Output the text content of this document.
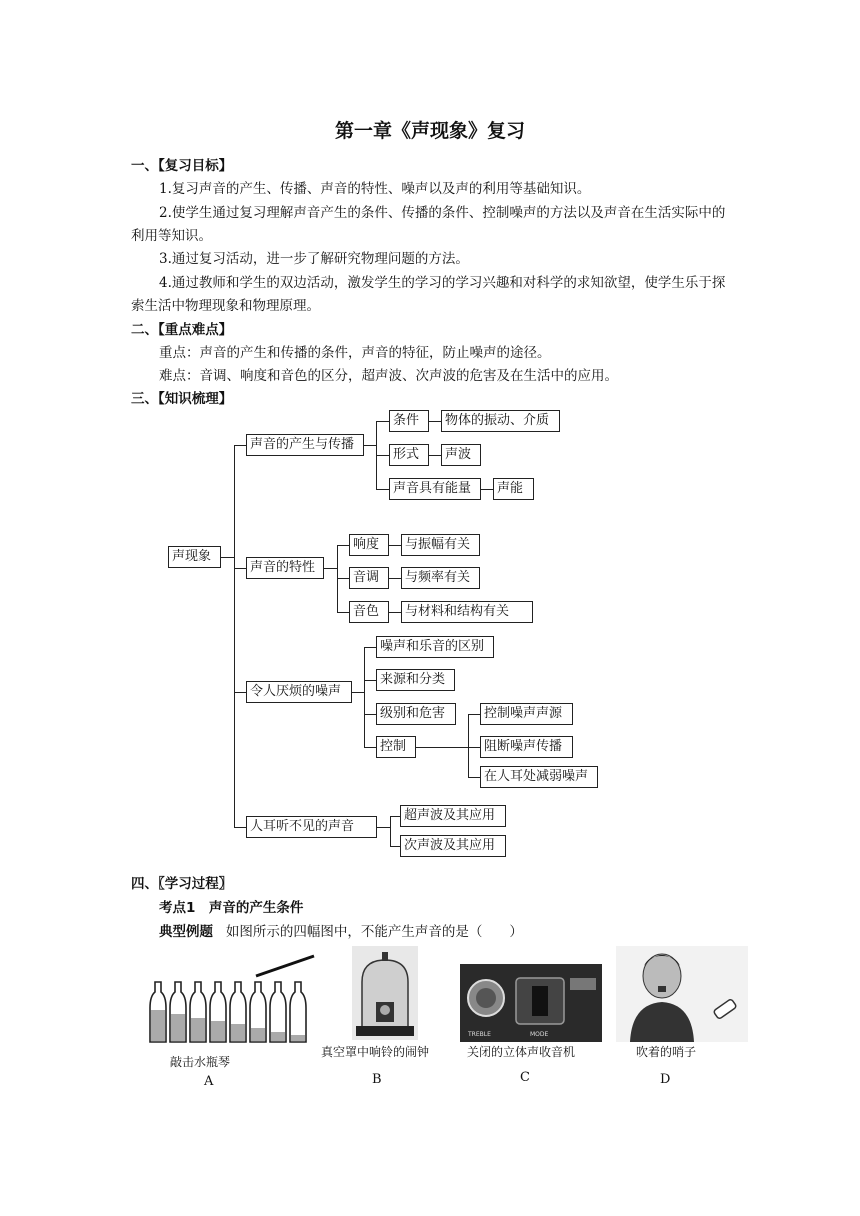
第一章《声现象》复习
一、【复习目标】
1.复习声音的产生、传播、声音的特性、噪声以及声的利用等基础知识。
2.使学生通过复习理解声音产生的条件、传播的条件、控制噪声的方法以及声音在生活实际中的利用等知识。
3.通过复习活动，进一步了解研究物理问题的方法。
4.通过教师和学生的双边活动，激发学生的学习的学习兴趣和对科学的求知欲望，使学生乐于探索生活中物理现象和物理原理。
二、【重点难点】
重点：声音的产生和传播的条件，声音的特征，防止噪声的途径。
难点：音调、响度和音色的区分，超声波、次声波的危害及在生活中的应用。
三、【知识梳理】
声现象
声音的产生与传播
条件	物体的振动、介质
形式	声波
声音具有能量	声能
声音的特性
响度	与振幅有关
音调	与频率有关
音色	与材料和结构有关
令人厌烦的噪声
噪声和乐音的区别
来源和分类
级别和危害
控制
控制噪声声源
阻断噪声传播
在人耳处减弱噪声
人耳听不见的声音
超声波及其应用
次声波及其应用
四、〖学习过程〗
考点1　声音的产生条件
典型例题 如图所示的四幅图中，不能产生声音的是（　　）
敲击水瓶琴
A
真空罩中响铃的闹钟
B
TREBLE	MODE
关闭的立体声收音机
C
吹着的哨子
D
